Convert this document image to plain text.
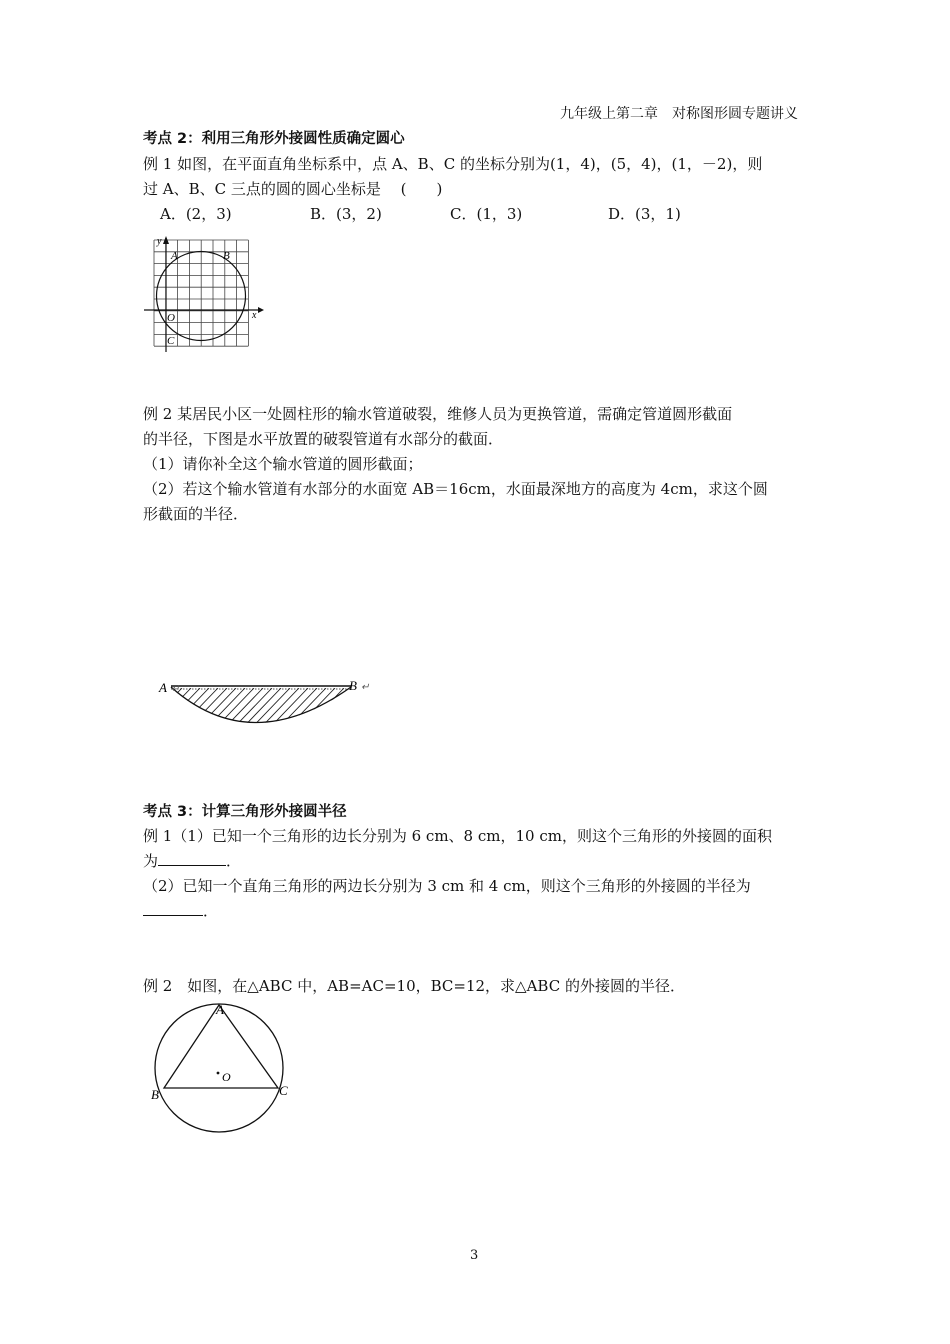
九年级上第二章　对称图形圆专题讲义
考点 2：利用三角形外接圆性质确定圆心
例 1 如图，在平面直角坐标系中，点 A、B、C 的坐标分别为(1，4)，(5，4)，(1，－2)，则
过 A、B、C 三点的圆的圆心坐标是　 (　　)
A．(2，3)	B．(3，2)	C．(1，3)	D．(3，1)
y
x
A	B
O
C
例 2 某居民小区一处圆柱形的输水管道破裂，维修人员为更换管道，需确定管道圆形截面
的半径，下图是水平放置的破裂管道有水部分的截面．
（1）请你补全这个输水管道的圆形截面；
（2）若这个输水管道有水部分的水面宽 AB＝16cm，水面最深地方的高度为 4cm，求这个圆
形截面的半径．
A	B
↵	↵
考点 3：计算三角形外接圆半径
例 1（1）已知一个三角形的边长分别为 6 cm、8 cm，10 cm，则这个三角形的外接圆的面积
为	．
（2）已知一个直角三角形的两边长分别为 3 cm 和 4 cm，则这个三角形的外接圆的半径为
．
例 2　如图，在△ABC 中，AB=AC=10，BC=12，求△ABC 的外接圆的半径．
A
B	C
O
3
